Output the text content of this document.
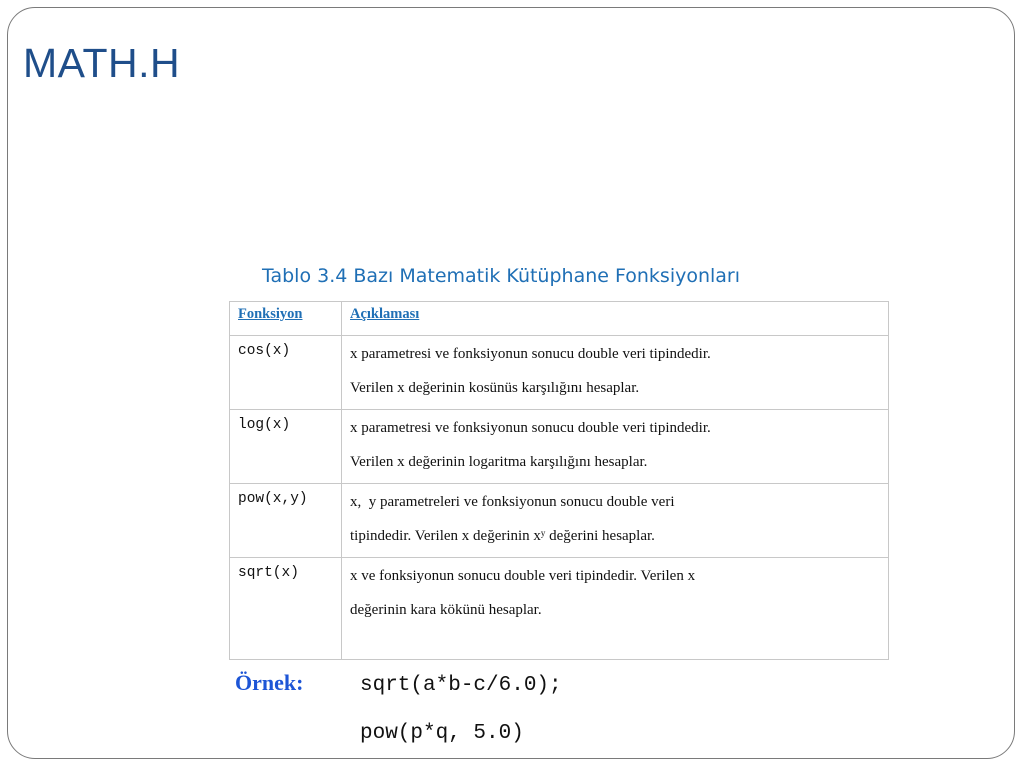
MATH.H
Tablo 3.4 Bazı Matematik Kütüphane Fonksiyonları
Fonksiyon	Açıklaması

cos(x)	x parametresi ve fonksiyonun sonucu double veri tipindedir.
Verilen x değerinin kosünüs karşılığını hesaplar.

log(x)	x parametresi ve fonksiyonun sonucu double veri tipindedir.
Verilen x değerinin logaritma karşılığını hesaplar.

pow(x,y)	x,  y parametreleri ve fonksiyonun sonucu double veri
tipindedir. Verilen x değerinin xʸ değerini hesaplar.

sqrt(x)	x ve fonksiyonun sonucu double veri tipindedir. Verilen x
değerinin kara kökünü hesaplar.
Örnek:	sqrt(a*b-c/6.0);
pow(p*q, 5.0)
